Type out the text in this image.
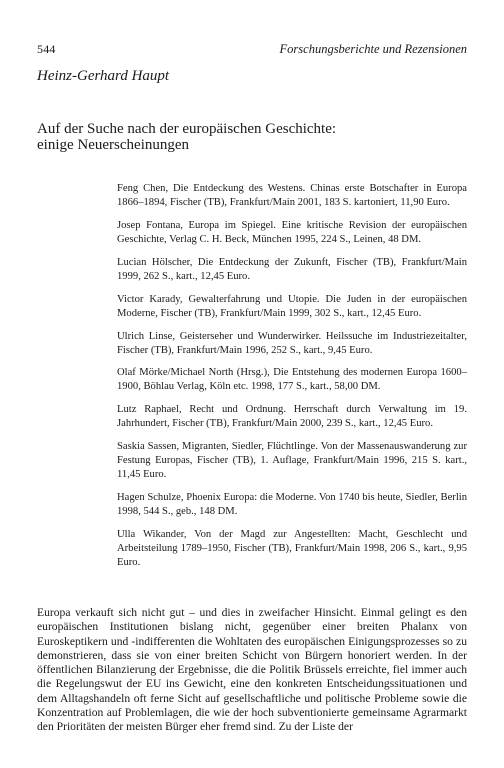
544	Forschungsberichte und Rezensionen
Heinz-Gerhard Haupt
Auf der Suche nach der europäischen Geschichte:
einige Neuerscheinungen
Feng Chen, Die Entdeckung des Westens. Chinas erste Botschafter in Europa 1866–1894, Fischer (TB), Frankfurt/Main 2001, 183 S. kartoniert, 11,90 Euro.
Josep Fontana, Europa im Spiegel. Eine kritische Revision der europäischen Geschichte, Verlag C. H. Beck, München 1995, 224 S., Leinen, 48 DM.
Lucian Hölscher, Die Entdeckung der Zukunft, Fischer (TB), Frankfurt/Main 1999, 262 S., kart., 12,45 Euro.
Victor Karady, Gewalterfahrung und Utopie. Die Juden in der europäischen Moderne, Fischer (TB), Frankfurt/Main 1999, 302 S., kart., 12,45 Euro.
Ulrich Linse, Geisterseher und Wunderwirker. Heilssuche im Industriezeitalter, Fischer (TB), Frankfurt/Main 1996, 252 S., kart., 9,45 Euro.
Olaf Mörke/Michael North (Hrsg.), Die Entstehung des modernen Europa 1600–1900, Böhlau Verlag, Köln etc. 1998, 177 S., kart., 58,00 DM.
Lutz Raphael, Recht und Ordnung. Herrschaft durch Verwaltung im 19. Jahrhundert, Fischer (TB), Frankfurt/Main 2000, 239 S., kart., 12,45 Euro.
Saskia Sassen, Migranten, Siedler, Flüchtlinge. Von der Massenauswanderung zur Festung Europas, Fischer (TB), 1. Auflage, Frankfurt/Main 1996, 215 S. kart., 11,45 Euro.
Hagen Schulze, Phoenix Europa: die Moderne. Von 1740 bis heute, Siedler, Berlin 1998, 544 S., geb., 148 DM.
Ulla Wikander, Von der Magd zur Angestellten: Macht, Geschlecht und Arbeitsteilung 1789–1950, Fischer (TB), Frankfurt/Main 1998, 206 S., kart., 9,95 Euro.
Europa verkauft sich nicht gut – und dies in zweifacher Hinsicht. Einmal gelingt es den europäischen Institutionen bislang nicht, gegenüber einer breiten Phalanx von Euroskeptikern und -indifferenten die Wohltaten des europäischen Einigungsprozesses so zu demonstrieren, dass sie von einer breiten Schicht von Bürgern honoriert werden. In der öffentlichen Bilanzierung der Ergebnisse, die die Politik Brüssels erreichte, fiel immer auch die Regelungswut der EU ins Gewicht, eine den konkreten Entscheidungssituationen und dem Alltagshandeln oft ferne Sicht auf gesellschaftliche und politische Probleme sowie die Konzentration auf Problemlagen, die wie der hoch subventionierte gemeinsame Agrarmarkt den Prioritäten der meisten Bürger eher fremd sind. Zu der Liste der
